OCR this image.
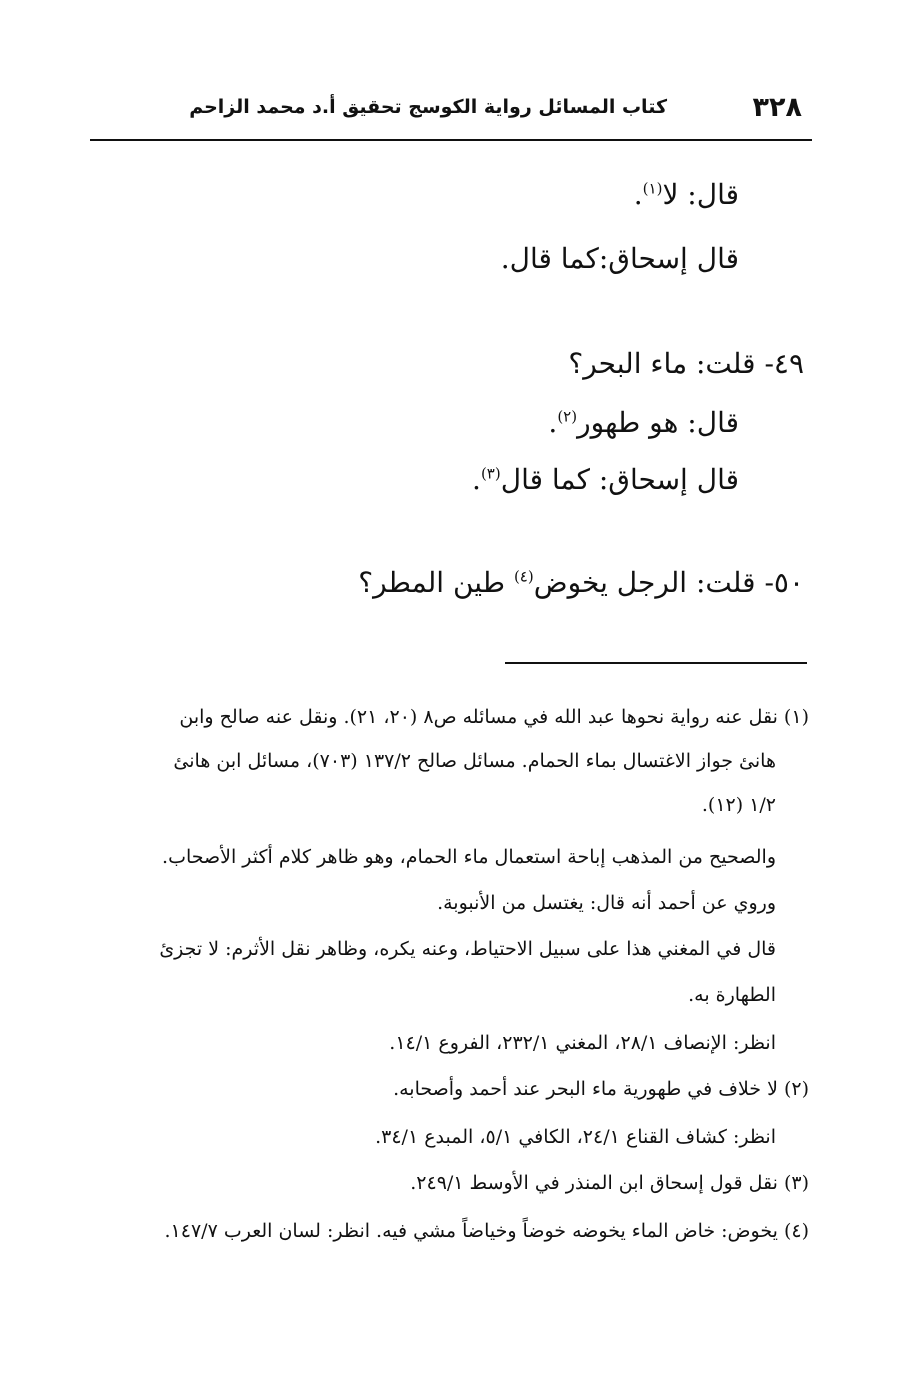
٣٢٨
كتاب المسائل رواية الكوسج تحقيق أ.د محمد الزاحم
قال: لا$^{(١)}$.
قال إسحاق:كما قال.
٤٩- قلت: ماء البحر؟
قال: هو طهور$^{(٢)}$.
قال إسحاق: كما قال$^{(٣)}$.
٥٠- قلت: الرجل يخوض$^{(٤)}$ طين المطر؟
(١) نقل عنه رواية نحوها عبد الله في مسائله ص٨ (٢٠، ٢١). ونقل عنه صالح وابن
هانئ جواز الاغتسال بماء الحمام. مسائل صالح ١٣٧/٢ (٧٠٣)، مسائل ابن هانئ
١/٢ (١٢).
والصحيح من المذهب إباحة استعمال ماء الحمام، وهو ظاهر كلام أكثر الأصحاب.
وروي عن أحمد أنه قال: يغتسل من الأنبوبة.
قال في المغني هذا على سبيل الاحتياط، وعنه يكره، وظاهر نقل الأثرم: لا تجزئ
الطهارة به.
انظر: الإنصاف ٢٨/١، المغني ٢٣٢/١، الفروع ١٤/١.
(٢) لا خلاف في طهورية ماء البحر عند أحمد وأصحابه.
انظر: كشاف القناع ٢٤/١، الكافي ٥/١، المبدع ٣٤/١.
(٣) نقل قول إسحاق ابن المنذر في الأوسط ٢٤٩/١.
(٤) يخوض: خاض الماء يخوضه خوضاً وخياضاً مشي فيه. انظر: لسان العرب ١٤٧/٧.
